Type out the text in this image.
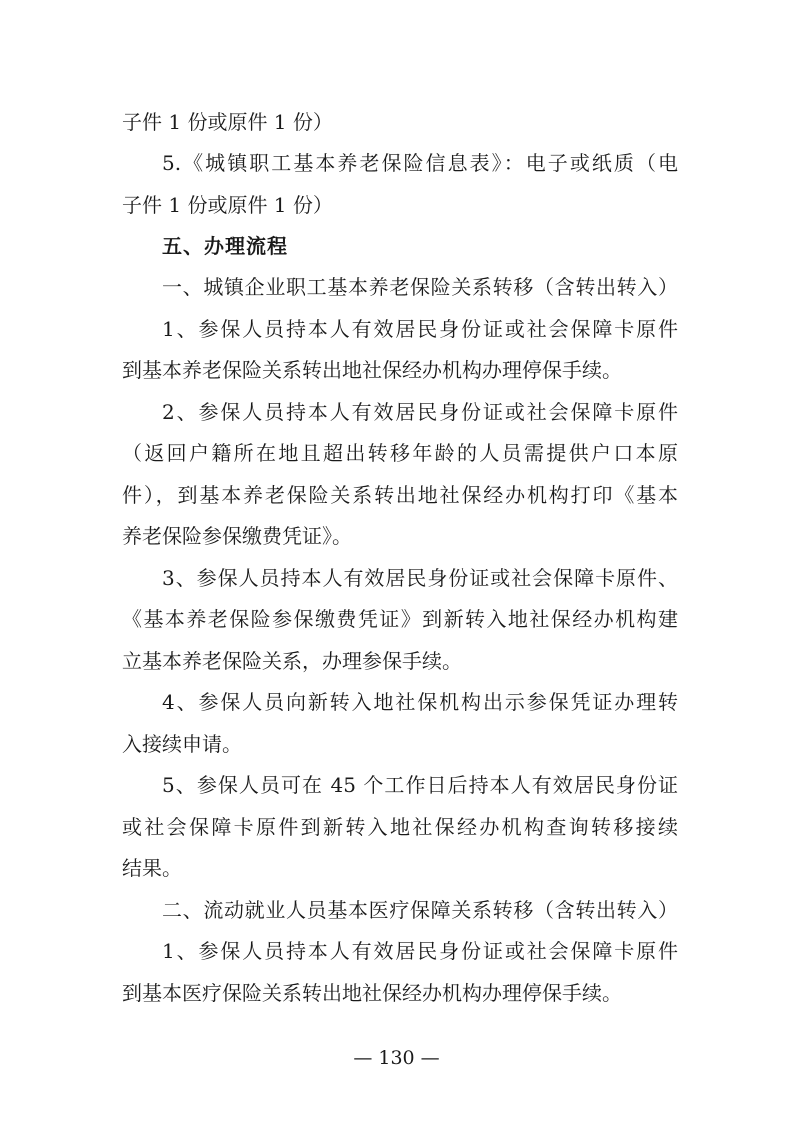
子件 1 份或原件 1 份）
5.《城镇职工基本养老保险信息表》：电子或纸质（电
子件 1 份或原件 1 份）
五、办理流程
一、城镇企业职工基本养老保险关系转移（含转出转入）
1、参保人员持本人有效居民身份证或社会保障卡原件
到基本养老保险关系转出地社保经办机构办理停保手续。
2、参保人员持本人有效居民身份证或社会保障卡原件
（返回户籍所在地且超出转移年龄的人员需提供户口本原
件），到基本养老保险关系转出地社保经办机构打印《基本
养老保险参保缴费凭证》。
3、参保人员持本人有效居民身份证或社会保障卡原件、
《基本养老保险参保缴费凭证》到新转入地社保经办机构建
立基本养老保险关系，办理参保手续。
4、参保人员向新转入地社保机构出示参保凭证办理转
入接续申请。
5、参保人员可在 45 个工作日后持本人有效居民身份证
或社会保障卡原件到新转入地社保经办机构查询转移接续
结果。
二、流动就业人员基本医疗保障关系转移（含转出转入）
1、参保人员持本人有效居民身份证或社会保障卡原件
到基本医疗保险关系转出地社保经办机构办理停保手续。
— 130 —
